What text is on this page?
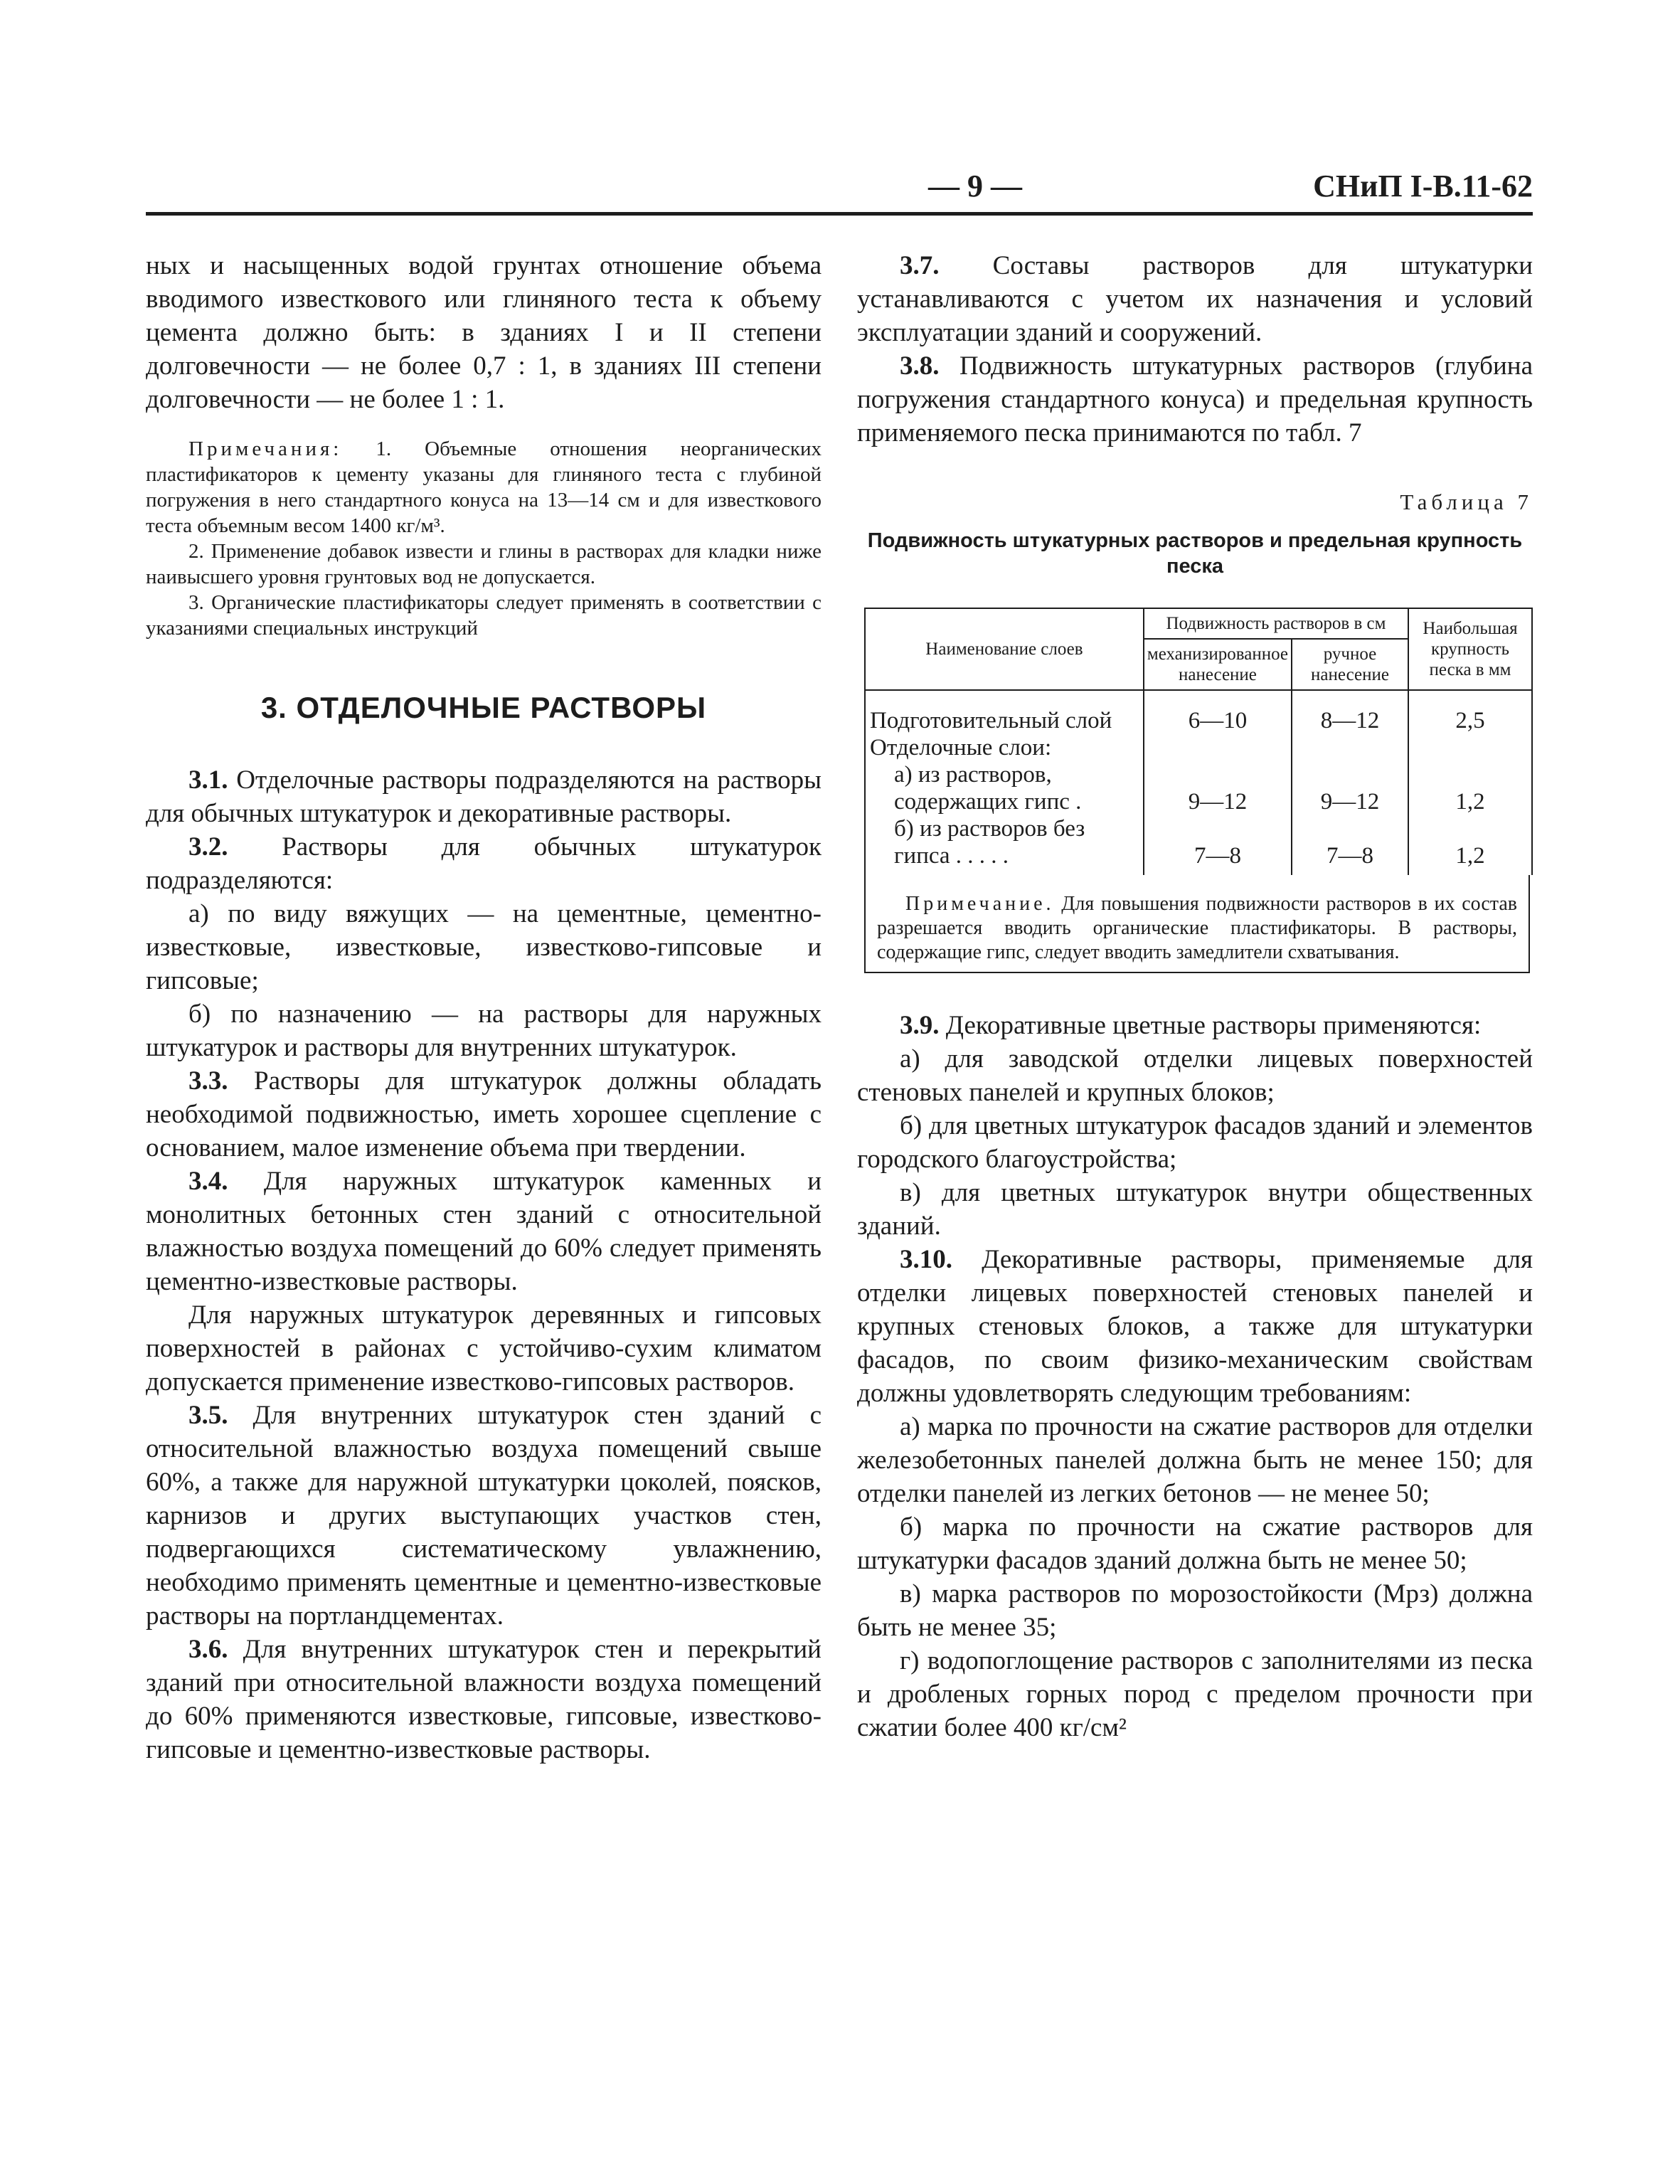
— 9 —	СНиП I-В.11-62

ных и насыщенных водой грунтах отношение объема вводимого известкового или глиняного теста к объему цемента должно быть: в зданиях I и II степени долговечности — не более 0,7 : 1, в зданиях III степени долговечности — не более 1 : 1.

Примечания: 1. Объемные отношения неорганических пластификаторов к цементу указаны для глиняного теста с глубиной погружения в него стандартного конуса на 13—14 см и для известкового теста объемным весом 1400 кг/м³.

2. Применение добавок извести и глины в растворах для кладки ниже наивысшего уровня грунтовых вод не допускается.

3. Органические пластификаторы следует применять в соответствии с указаниями специальных инструкций

3. ОТДЕЛОЧНЫЕ РАСТВОРЫ

3.1. Отделочные растворы подразделяются на растворы для обычных штукатурок и декоративные растворы.

3.2. Растворы для обычных штукатурок подразделяются:

а) по виду вяжущих — на цементные, цементно-известковые, известковые, известково-гипсовые и гипсовые;

б) по назначению — на растворы для наружных штукатурок и растворы для внутренних штукатурок.

3.3. Растворы для штукатурок должны обладать необходимой подвижностью, иметь хорошее сцепление с основанием, малое изменение объема при твердении.

3.4. Для наружных штукатурок каменных и монолитных бетонных стен зданий с относительной влажностью воздуха помещений до 60% следует применять цементно-известковые растворы.

Для наружных штукатурок деревянных и гипсовых поверхностей в районах с устойчиво-сухим климатом допускается применение известково-гипсовых растворов.

3.5. Для внутренних штукатурок стен зданий с относительной влажностью воздуха помещений свыше 60%, а также для наружной штукатурки цоколей, поясков, карнизов и других выступающих участков стен, подвергающихся систематическому увлажнению, необходимо применять цементные и цементно-известковые растворы на портландцементах.

3.6. Для внутренних штукатурок стен и перекрытий зданий при относительной влажности воздуха помещений до 60% применяются известковые, гипсовые, известково-гипсовые и цементно-известковые растворы.

3.7. Составы растворов для штукатурки устанавливаются с учетом их назначения и условий эксплуатации зданий и сооружений.

3.8. Подвижность штукатурных растворов (глубина погружения стандартного конуса) и предельная крупность применяемого песка принимаются по табл. 7

Таблица 7
Подвижность штукатурных растворов и предельная крупность песка
Наименование слоев	Подвижность растворов в см		Наибольшая крупность песка в мм
	механизированное нанесение	ручное нанесение	
Подготовительный слой	6—10	8—12	2,5
Отделочные слои:			
а) из растворов, содержащих гипс .	9—12	9—12	1,2
б) из растворов без гипса . . . . .	7—8	7—8	1,2

Примечание. Для повышения подвижности растворов в их состав разрешается вводить органические пластификаторы. В растворы, содержащие гипс, следует вводить замедлители схватывания.

3.9. Декоративные цветные растворы применяются:

а) для заводской отделки лицевых поверхностей стеновых панелей и крупных блоков;

б) для цветных штукатурок фасадов зданий и элементов городского благоустройства;

в) для цветных штукатурок внутри общественных зданий.

3.10. Декоративные растворы, применяемые для отделки лицевых поверхностей стеновых панелей и крупных стеновых блоков, а также для штукатурки фасадов, по своим физико-механическим свойствам должны удовлетворять следующим требованиям:

а) марка по прочности на сжатие растворов для отделки железобетонных панелей должна быть не менее 150; для отделки панелей из легких бетонов — не менее 50;

б) марка по прочности на сжатие растворов для штукатурки фасадов зданий должна быть не менее 50;

в) марка растворов по морозостойкости (Мрз) должна быть не менее 35;

г) водопоглощение растворов с заполнителями из песка и дробленых горных пород с пределом прочности при сжатии более 400 кг/см²
